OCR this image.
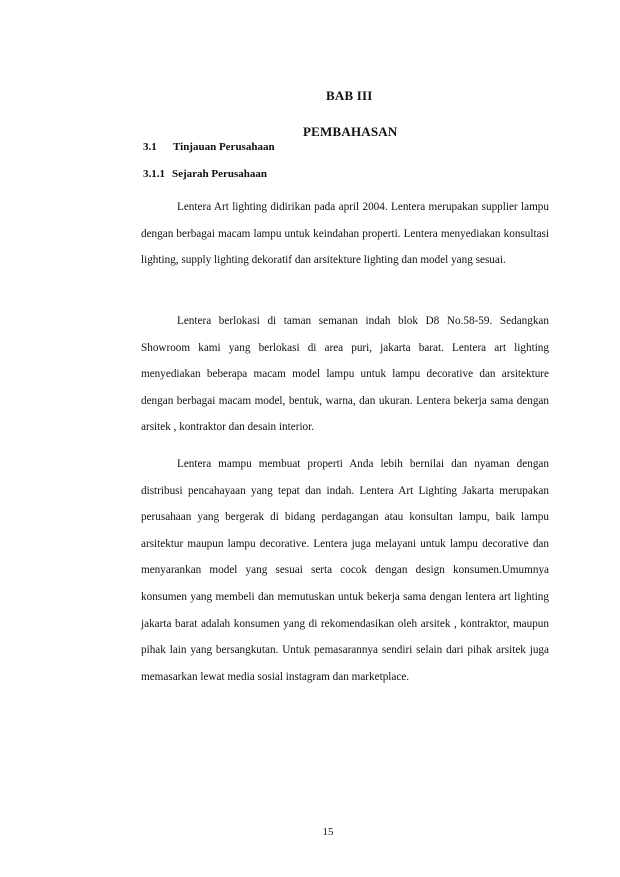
BAB III
PEMBAHASAN
3.1 Tinjauan Perusahaan
3.1.1 Sejarah Perusahaan

Lentera Art lighting didirikan pada april 2004. Lentera merupakan supplier lampu dengan berbagai macam lampu untuk keindahan properti. Lentera menyediakan konsultasi lighting, supply lighting dekoratif dan arsitekture lighting dan model yang sesuai.

Lentera berlokasi di taman semanan indah blok D8 No.58-59. Sedangkan Showroom kami yang berlokasi di area puri, jakarta barat. Lentera art lighting menyediakan beberapa macam model lampu untuk lampu decorative dan arsitekture dengan berbagai macam model, bentuk, warna, dan ukuran. Lentera bekerja sama dengan arsitek , kontraktor dan desain interior.

Lentera mampu membuat properti Anda lebih bernilai dan nyaman dengan distribusi pencahayaan yang tepat dan indah. Lentera Art Lighting Jakarta merupakan perusahaan yang bergerak di bidang perdagangan atau konsultan lampu, baik lampu arsitektur maupun lampu decorative. Lentera juga melayani untuk lampu decorative dan menyarankan model yang sesuai serta cocok dengan design konsumen.Umumnya konsumen yang membeli dan memutuskan untuk bekerja sama dengan lentera art lighting jakarta barat adalah konsumen yang di rekomendasikan oleh arsitek , kontraktor, maupun pihak lain yang bersangkutan. Untuk pemasarannya sendiri selain dari pihak arsitek juga memasarkan lewat media sosial instagram dan marketplace.

15
